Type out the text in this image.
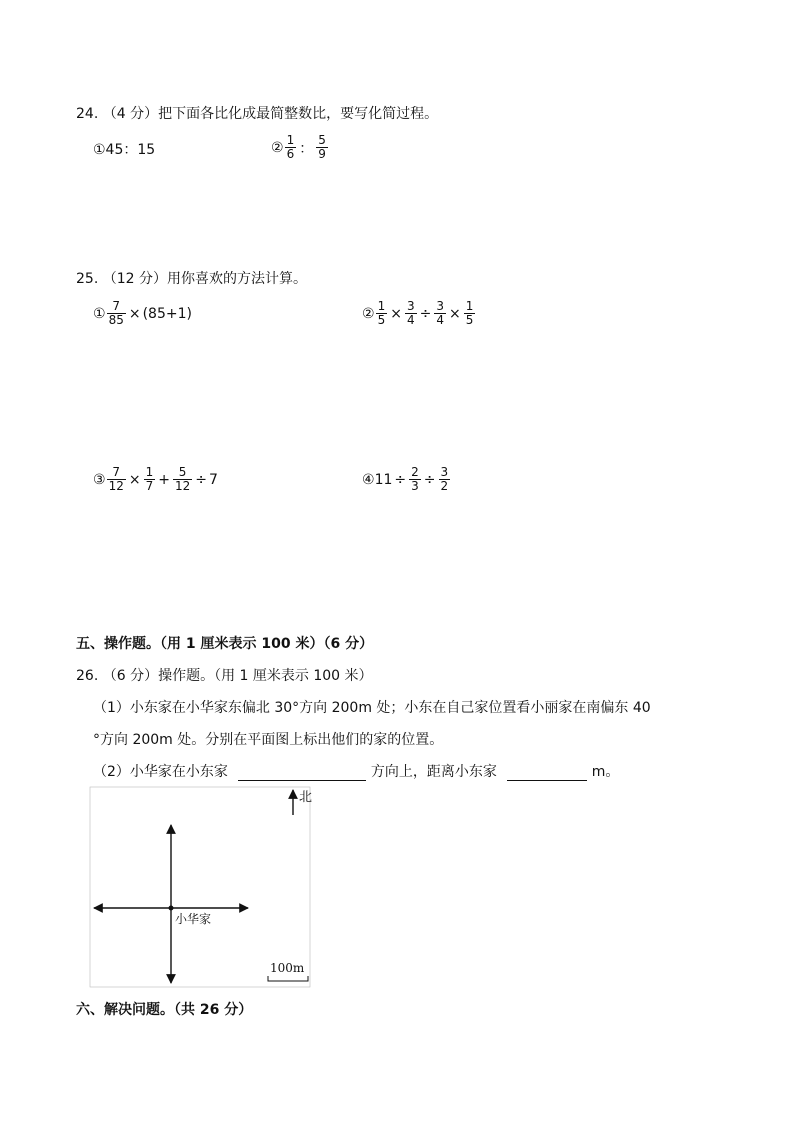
24. （4 分）把下面各比化成最简整数比，要写化简过程。
①45：15	② $\frac{1}{6}$ ： $\frac{5}{9}$
25. （12 分）用你喜欢的方法计算。
① $\frac{7}{85} \times (85+1)$	② $\frac{1}{5} \times \frac{3}{4} \div \frac{3}{4} \times \frac{1}{5}$
③ $\frac{7}{12} \times \frac{1}{7} + \frac{5}{12} \div 7$	④ $11 \div \frac{2}{3} \div \frac{3}{2}$
五、操作题。（用 1 厘米表示 100 米）（6 分）
26. （6 分）操作题。（用 1 厘米表示 100 米）
（1）小东家在小华家东偏北 30°方向 200m 处；小东在自己家位置看小丽家在南偏东 40
°方向 200m 处。分别在平面图上标出他们的家的位置。
（2）小华家在小东家	方向上，距离小东家	m。
北
小华家
100m
六、解决问题。（共 26 分）
